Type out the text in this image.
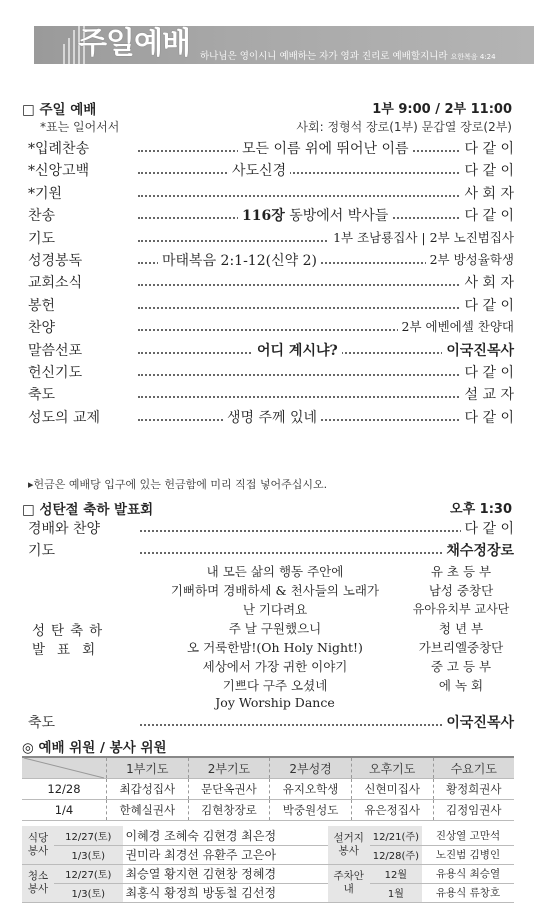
주일예배 하나님은 영이시니 예배하는 자가 영과 진리로 예배할지니라 요한복음 4:24
□ 주일 예배	1부 9:00 / 2부 11:00
*표는 일어서서	사회: 정형석 장로(1부) 문갑열 장로(2부)
*입례찬송	모든 이름 위에 뛰어난 이름	다 같 이
*신앙고백	사도신경	다 같 이
*기원	사 회 자
찬송	116장 동방에서 박사들	다 같 이
기도	1부 조남룡집사 | 2부 노진범집사
성경봉독	마태복음 2:1-12(신약 2)	2부 방성율학생
교회소식	사 회 자
봉헌	다 같 이
찬양	2부 에벤에셀 찬양대
말씀선포	어디 계시냐?	이국진목사
헌신기도	다 같 이
축도	설 교 자
성도의 교제	생명 주께 있네	다 같 이
▸헌금은 예배당 입구에 있는 헌금함에 미리 직접 넣어주십시오.
□ 성탄절 축하 발표회	오후 1:30
경배와 찬양	다 같 이
기도	채수정장로
축도	이국진목사
성탄축하
발표회
내 모든 삶의 행동 주안에	유 초 등 부
기뻐하며 경배하세 & 천사들의 노래가	남성 중창단
난 기다려요	유아유치부 교사단
주 날 구원했으니	청 년 부
오 거룩한밤!(Oh Holy Night!)	가브리엘중창단
세상에서 가장 귀한 이야기	중 고 등 부
기쁘다 구주 오셨네	에 녹 회
Joy Worship Dance
◎ 예배 위원 / 봉사 위원
	1부기도	2부기도	2부성경	오후기도	수요기도
12/28	최갑성집사	문단옥권사	유지오학생	신현미집사	황정희권사
1/4	한혜실권사	김현창장로	박중원성도	유은정집사	김정임권사
식당봉사	12/27(토)	이혜경 조혜숙 김현경 최은정	설거지봉사	12/21(주)	진상열 고만석
	1/3(토)	권미라 최경선 유환주 고은아		12/28(주)	노진범 김병인
청소봉사	12/27(토)	최승열 황지현 김현창 정혜경	주차안내	12월	유용식 최승열
	1/3(토)	최홍식 황정희 방동철 김선정		1월	유용식 류창호
